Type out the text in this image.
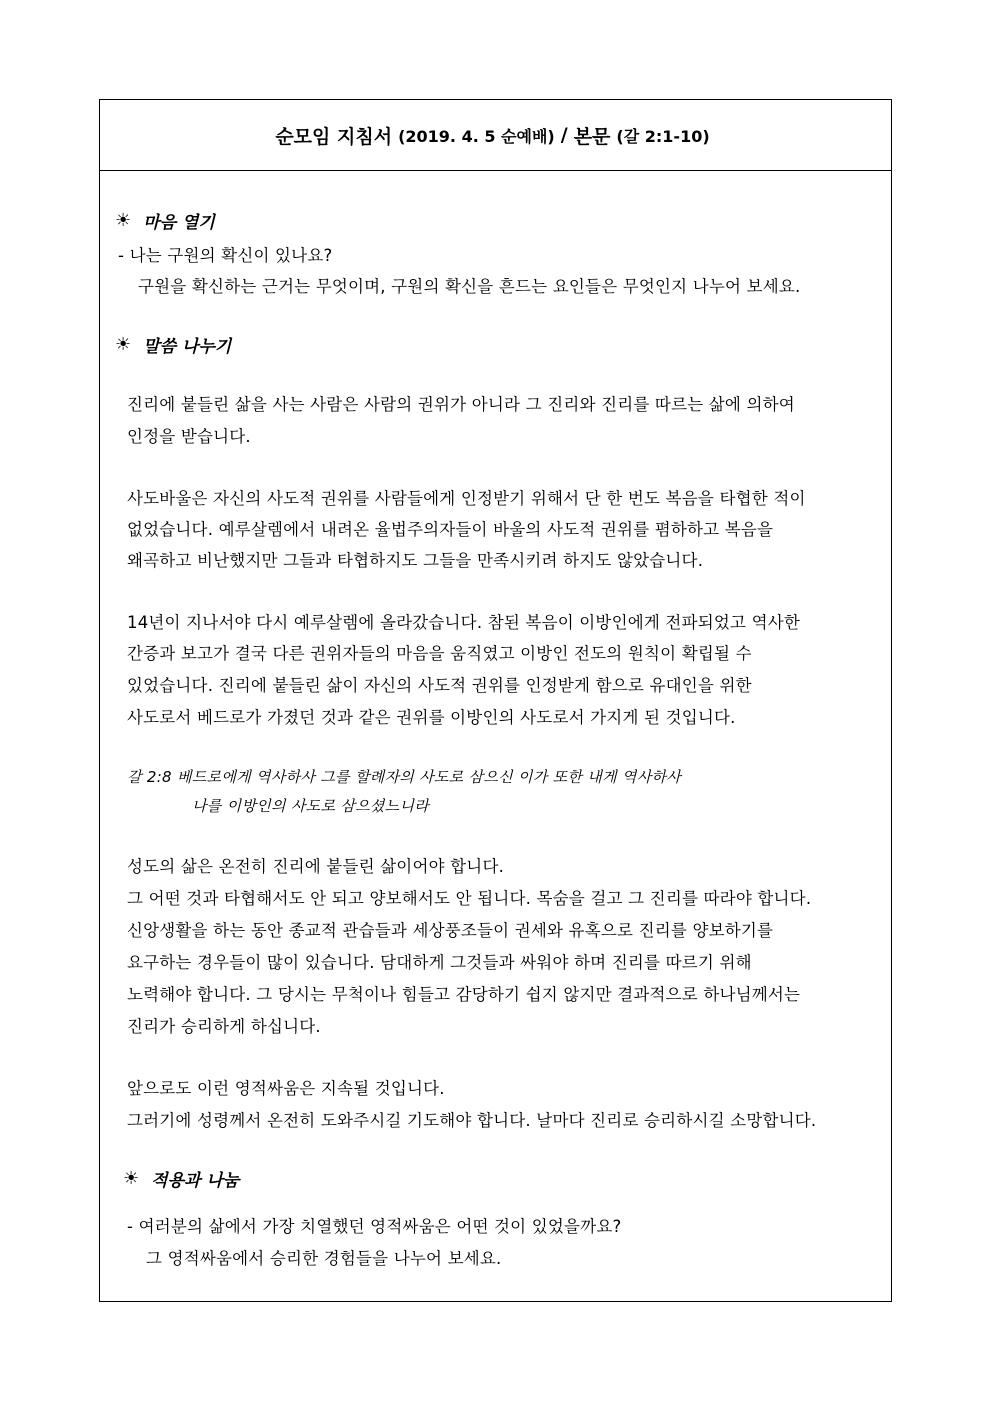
순모임 지침서 (2019. 4. 5 순예배) / 본문 (갈 2:1-10)
☀ 마음 열기
- 나는 구원의 확신이 있나요?
구원을 확신하는 근거는 무엇이며, 구원의 확신을 흔드는 요인들은 무엇인지 나누어 보세요.
☀ 말씀 나누기
진리에 붙들린 삶을 사는 사람은 사람의 권위가 아니라 그 진리와 진리를 따르는 삶에 의하여
인정을 받습니다.
사도바울은 자신의 사도적 권위를 사람들에게 인정받기 위해서 단 한 번도 복음을 타협한 적이
없었습니다. 예루살렘에서 내려온 율법주의자들이 바울의 사도적 권위를 폄하하고 복음을
왜곡하고 비난했지만 그들과 타협하지도 그들을 만족시키려 하지도 않았습니다.
14년이 지나서야 다시 예루살렘에 올라갔습니다. 참된 복음이 이방인에게 전파되었고 역사한
간증과 보고가 결국 다른 권위자들의 마음을 움직였고 이방인 전도의 원칙이 확립될 수
있었습니다. 진리에 붙들린 삶이 자신의 사도적 권위를 인정받게 함으로 유대인을 위한
사도로서 베드로가 가졌던 것과 같은 권위를 이방인의 사도로서 가지게 된 것입니다.
갈 2:8 베드로에게 역사하사 그를 할례자의 사도로 삼으신 이가 또한 내게 역사하사
나를 이방인의 사도로 삼으셨느니라
성도의 삶은 온전히 진리에 붙들린 삶이어야 합니다.
그 어떤 것과 타협해서도 안 되고 양보해서도 안 됩니다. 목숨을 걸고 그 진리를 따라야 합니다.
신앙생활을 하는 동안 종교적 관습들과 세상풍조들이 권세와 유혹으로 진리를 양보하기를
요구하는 경우들이 많이 있습니다. 담대하게 그것들과 싸워야 하며 진리를 따르기 위해
노력해야 합니다. 그 당시는 무척이나 힘들고 감당하기 쉽지 않지만 결과적으로 하나님께서는
진리가 승리하게 하십니다.
앞으로도 이런 영적싸움은 지속될 것입니다.
그러기에 성령께서 온전히 도와주시길 기도해야 합니다. 날마다 진리로 승리하시길 소망합니다.
☀ 적용과 나눔
- 여러분의 삶에서 가장 치열했던 영적싸움은 어떤 것이 있었을까요?
그 영적싸움에서 승리한 경험들을 나누어 보세요.
